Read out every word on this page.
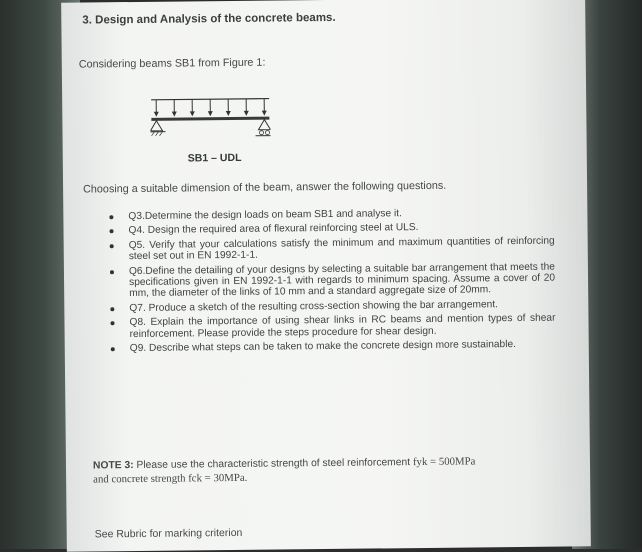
3. Design and Analysis of the concrete beams.
Considering beams SB1 from Figure 1:
SB1 – UDL
Choosing a suitable dimension of the beam, answer the following questions.
Q3.Determine the design loads on beam SB1 and analyse it.
Q4. Design the required area of flexural reinforcing steel at ULS.
Q5. Verify that your calculations satisfy the minimum and maximum quantities of reinforcing steel set out in EN 1992-1-1.
Q6.Define the detailing of your designs by selecting a suitable bar arrangement that meets the specifications given in EN 1992-1-1 with regards to minimum spacing. Assume a cover of 20 mm, the diameter of the links of 10 mm and a standard aggregate size of 20mm.
Q7. Produce a sketch of the resulting cross-section showing the bar arrangement.
Q8. Explain the importance of using shear links in RC beams and mention types of shear reinforcement. Please provide the steps procedure for shear design.
Q9. Describe what steps can be taken to make the concrete design more sustainable.
NOTE 3: Please use the characteristic strength of steel reinforcement fyk = 500MPa
and concrete strength fck = 30MPa.
See Rubric for marking criterion
